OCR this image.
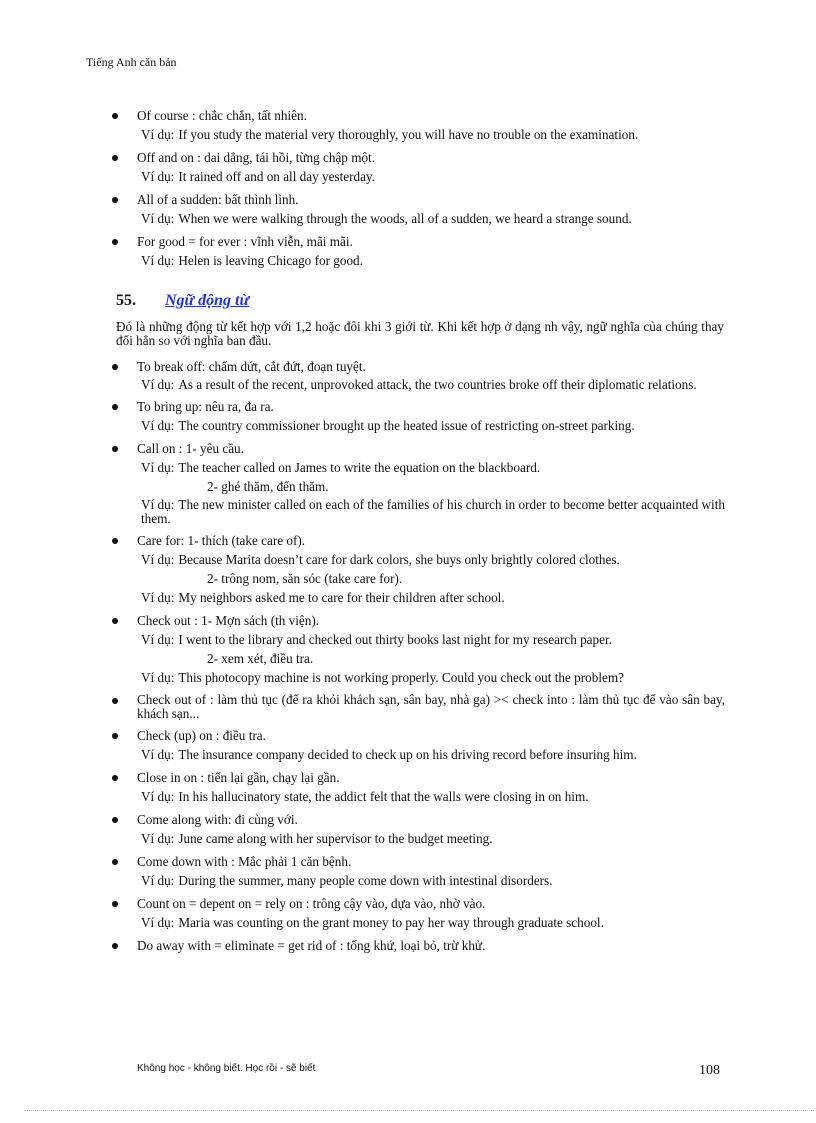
Tiếng Anh căn bản
Of course : chắc chắn, tất nhiên.
Ví dụ: If you study the material very thoroughly, you will have no trouble on the examination.
Off and on : dai dẳng, tái hồi, từng chập một.
Ví dụ: It rained off and on all day yesterday.
All of a sudden: bất thình lình.
Ví dụ: When we were walking through the woods, all of a sudden, we heard a strange sound.
For good = for ever : vĩnh viễn, mãi mãi.
Ví dụ: Helen is leaving Chicago for good.
55. Ngữ động từ
Đó là những động từ kết hợp với 1,2 hoặc đôi khi 3 giới từ. Khi kết hợp ở dạng nh vậy, ngữ nghĩa của chúng thay đổi hẳn so với nghĩa ban đầu.
To break off: chấm dứt, cắt đứt, đoạn tuyệt.
Ví dụ: As a result of the recent, unprovoked attack, the two countries broke off their diplomatic relations.
To bring up: nêu ra, đa ra.
Ví dụ: The country commissioner brought up the heated issue of restricting on-street parking.
Call on : 1- yêu cầu.
Ví dụ: The teacher called on James to write the equation on the blackboard.
2- ghé thăm, đến thăm.
Ví dụ: The new minister called on each of the families of his church in order to become better acquainted with them.
Care for: 1- thích (take care of).
Ví dụ: Because Marita doesn’t care for dark colors, she buys only brightly colored clothes.
2- trông nom, săn sóc (take care for).
Ví dụ: My neighbors asked me to care for their children after school.
Check out : 1- Mợn sách (th viện).
Ví dụ: I went to the library and checked out thirty books last night for my research paper.
2- xem xét, điều tra.
Ví dụ: This photocopy machine is not working properly. Could you check out the problem?
Check out of : làm thủ tục (để ra khỏi khách sạn, sân bay, nhà ga) >< check into : làm thủ tục để vào sân bay, khách sạn...
Check (up) on : điều tra.
Ví dụ: The insurance company decided to check up on his driving record before insuring him.
Close in on : tiến lại gần, chạy lại gần.
Ví dụ: In his hallucinatory state, the addict felt that the walls were closing in on him.
Come along with: đi cùng với.
Ví dụ: June came along with her supervisor to the budget meeting.
Come down with : Mắc phải 1 căn bệnh.
Ví dụ: During the summer, many people come down with intestinal disorders.
Count on = depent on = rely on : trông cậy vào, dựa vào, nhờ vào.
Ví dụ: Maria was counting on the grant money to pay her way through graduate school.
Do away with = eliminate = get rid of : tống khứ, loại bỏ, trừ khử.
Không học - không biết. Học rồi - sẽ biết	108
